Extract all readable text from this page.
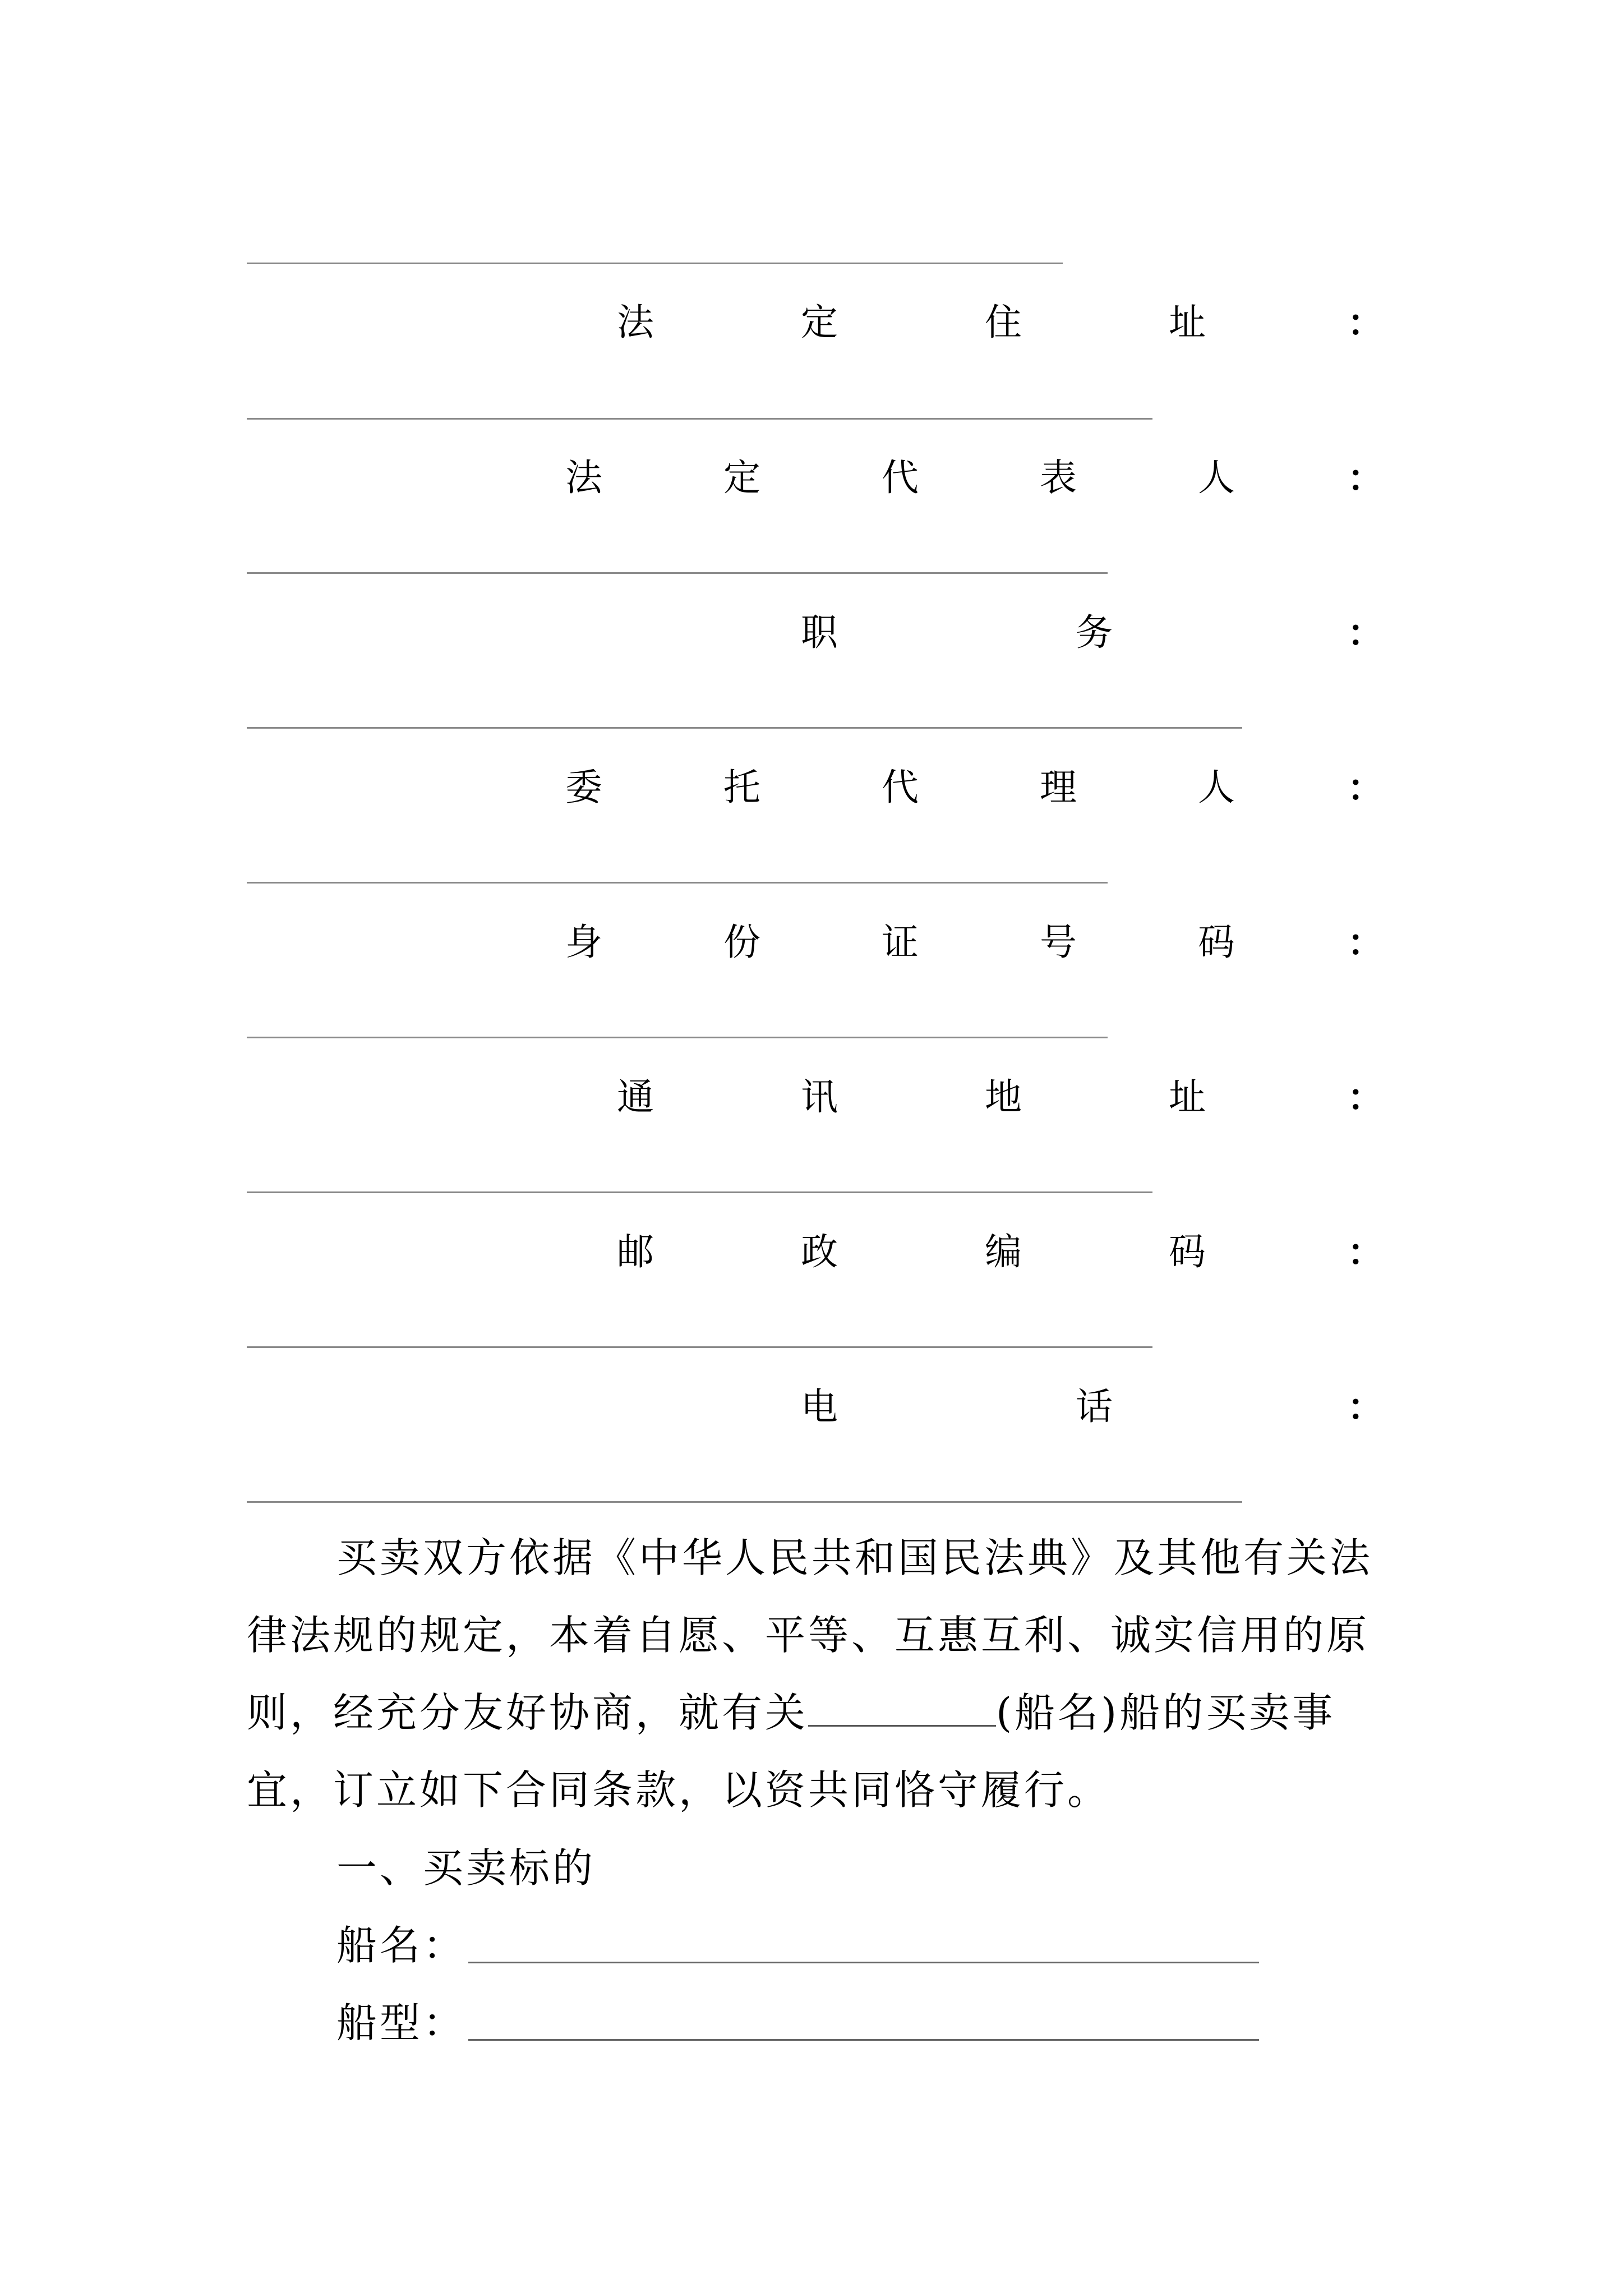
法	定	住	址	：
法	定	代	表	人	：
职	务	：
委	托	代	理	人	：
身	份	证	号	码	：
通	讯	地	址	：
邮	政	编	码	：
电	话	：
买卖双方依据《中华人民共和国民法典》及其他有关法律法规的规定，本着自愿、平等、互惠互利、诚实信用的原则，经充分友好协商，就有关	(船名)船的买卖事宜，订立如下合同条款，以资共同恪守履行。
一、买卖标的
船名：
船型：
